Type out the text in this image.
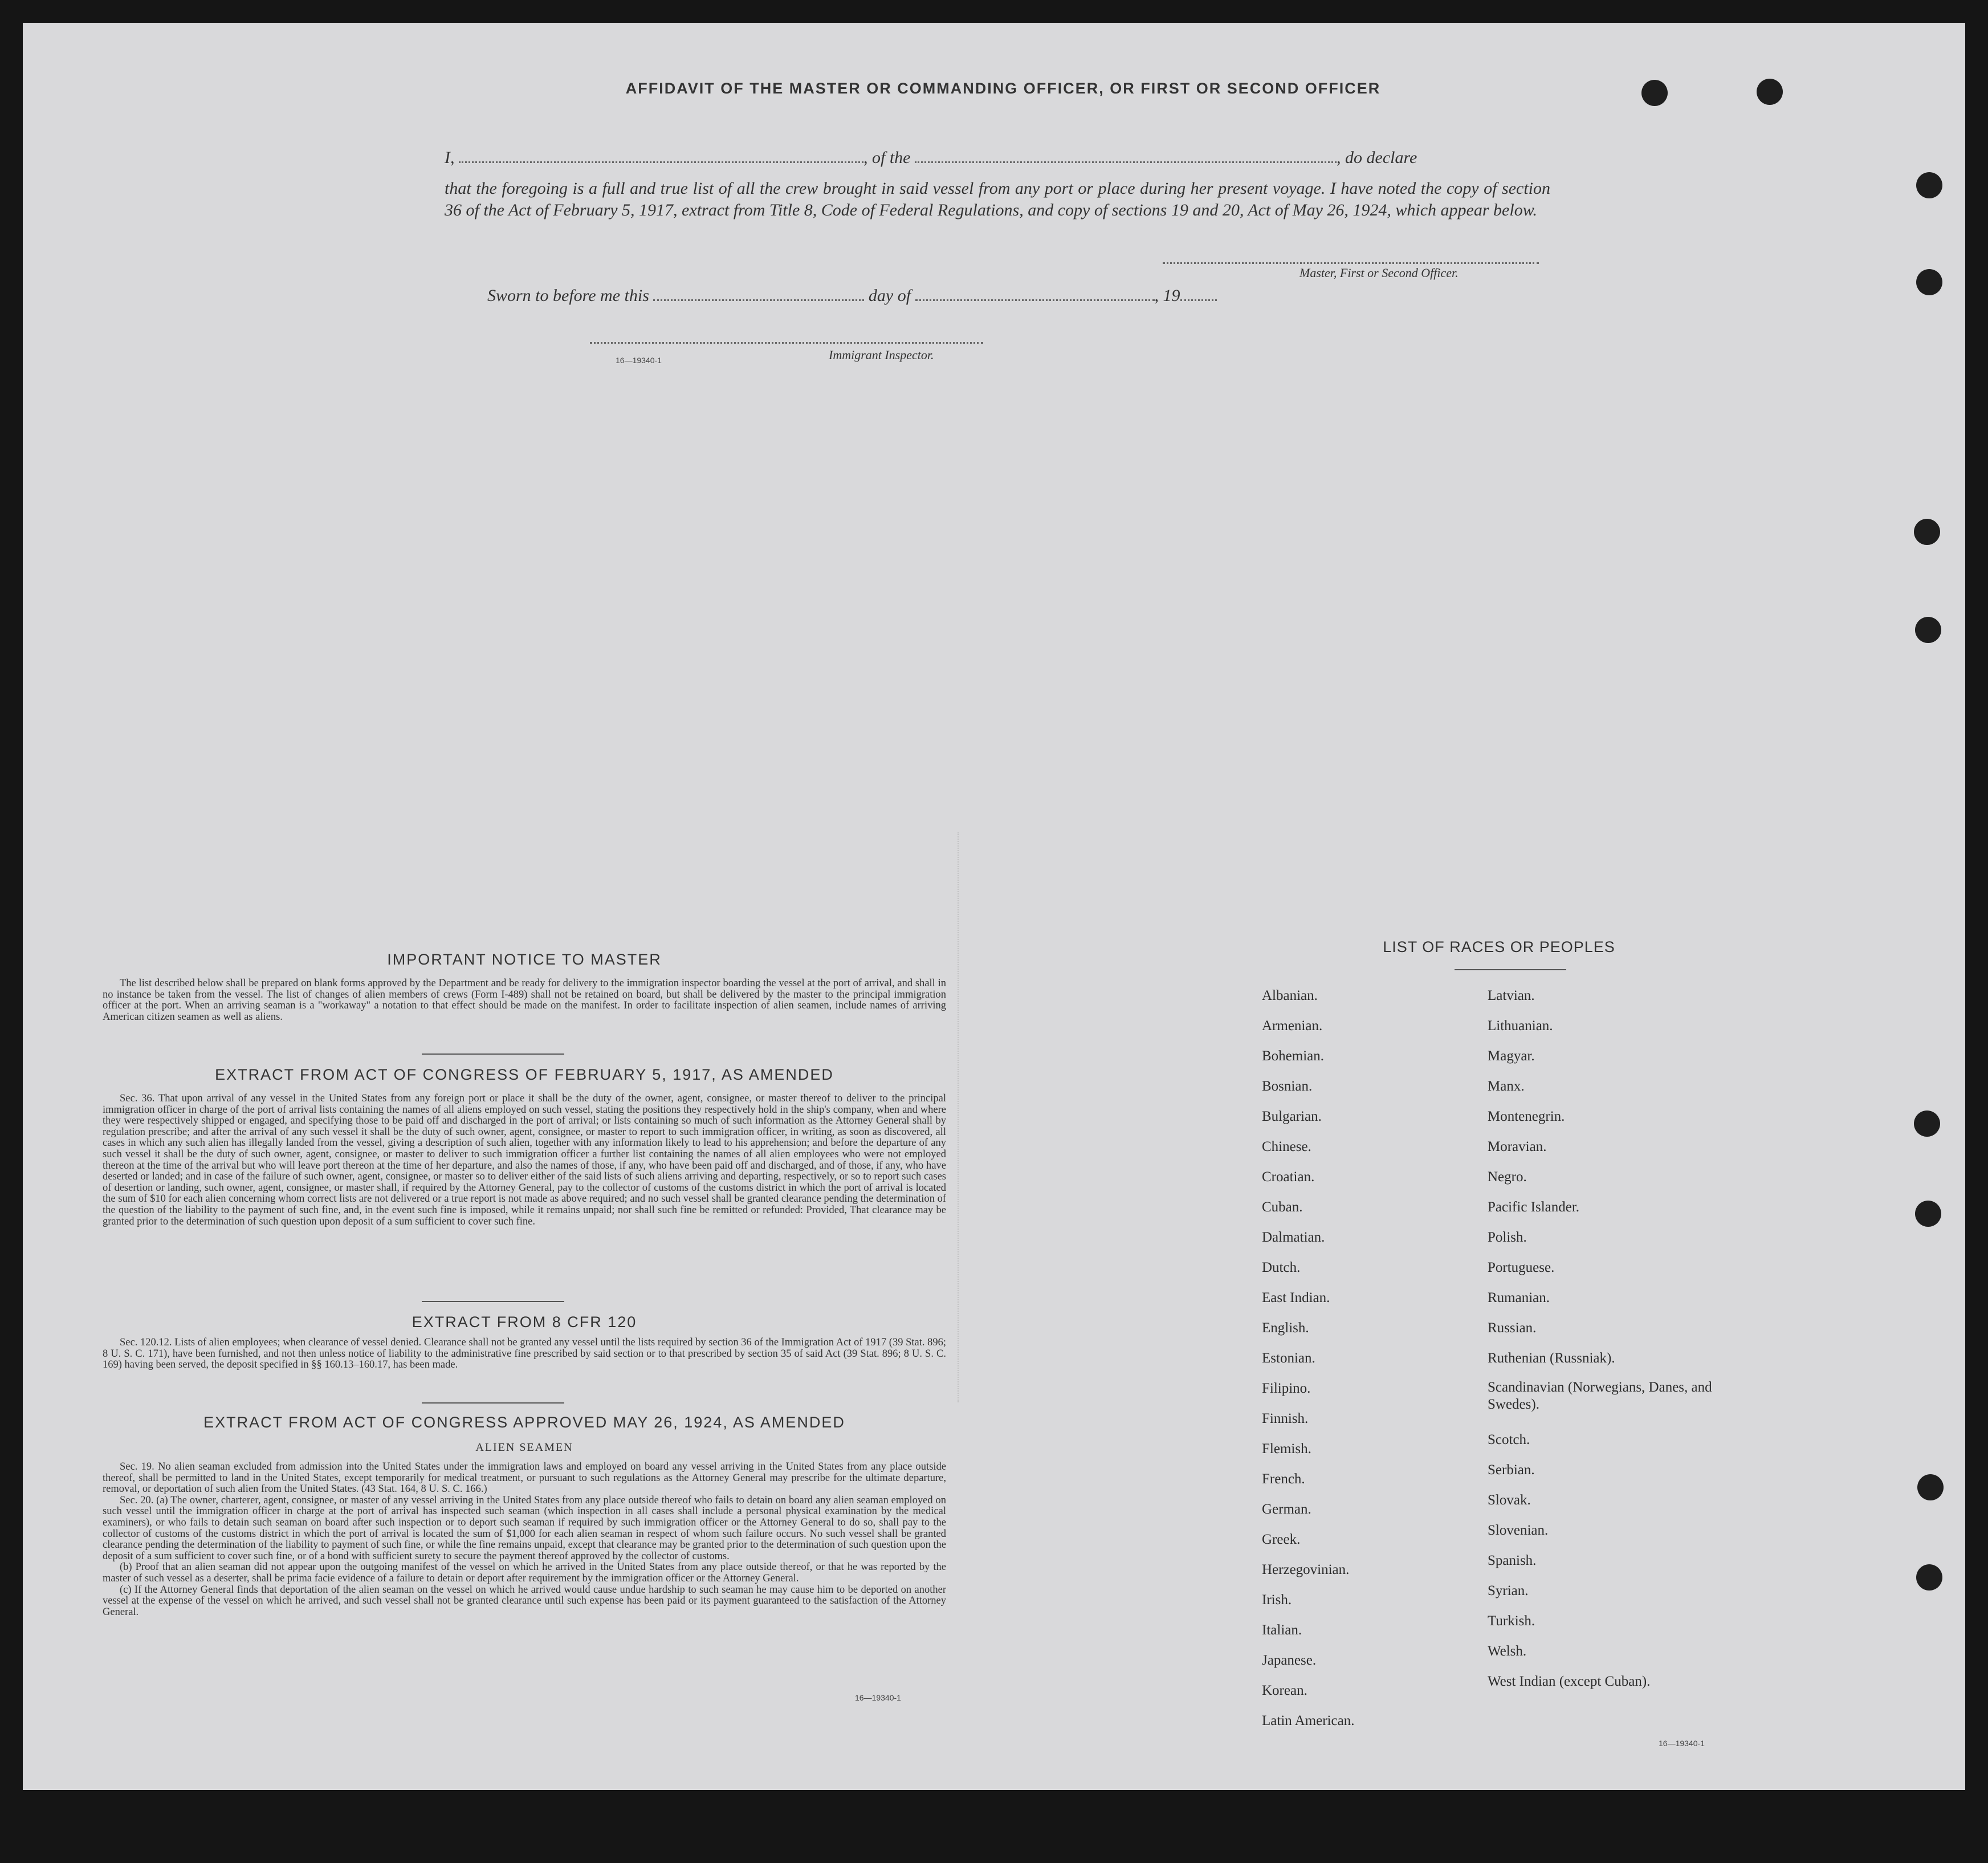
AFFIDAVIT OF THE MASTER OR COMMANDING OFFICER, OR FIRST OR SECOND OFFICER
I,	, of the	, do declare
that the foregoing is a full and true list of all the crew brought in said vessel from any port or place during her present voyage. I have noted the copy of section 36 of the Act of February 5, 1917, extract from Title 8, Code of Federal Regulations, and copy of sections 19 and 20, Act of May 26, 1924, which appear below.
Master, First or Second Officer.
Sworn to before me this	day of	, 19
16—19340-1	Immigrant Inspector.
IMPORTANT NOTICE TO MASTER

The list described below shall be prepared on blank forms approved by the Department and be ready for delivery to the immigration inspector boarding the vessel at the port of arrival, and shall in no instance be taken from the vessel. The list of changes of alien members of crews (Form I-489) shall not be retained on board, but shall be delivered by the master to the principal immigration officer at the port. When an arriving seaman is a "workaway" a notation to that effect should be made on the manifest. In order to facilitate inspection of alien seamen, include names of arriving American citizen seamen as well as aliens.

EXTRACT FROM ACT OF CONGRESS OF FEBRUARY 5, 1917, AS AMENDED

Sec. 36. That upon arrival of any vessel in the United States from any foreign port or place it shall be the duty of the owner, agent, consignee, or master thereof to deliver to the principal immigration officer in charge of the port of arrival lists containing the names of all aliens employed on such vessel, stating the positions they respectively hold in the ship's company, when and where they were respectively shipped or engaged, and specifying those to be paid off and discharged in the port of arrival; or lists containing so much of such information as the Attorney General shall by regulation prescribe; and after the arrival of any such vessel it shall be the duty of such owner, agent, consignee, or master to report to such immigration officer, in writing, as soon as discovered, all cases in which any such alien has illegally landed from the vessel, giving a description of such alien, together with any information likely to lead to his apprehension; and before the departure of any such vessel it shall be the duty of such owner, agent, consignee, or master to deliver to such immigration officer a further list containing the names of all alien employees who were not employed thereon at the time of the arrival but who will leave port thereon at the time of her departure, and also the names of those, if any, who have been paid off and discharged, and of those, if any, who have deserted or landed; and in case of the failure of such owner, agent, consignee, or master so to deliver either of the said lists of such aliens arriving and departing, respectively, or so to report such cases of desertion or landing, such owner, agent, consignee, or master shall, if required by the Attorney General, pay to the collector of customs of the customs district in which the port of arrival is located the sum of $10 for each alien concerning whom correct lists are not delivered or a true report is not made as above required; and no such vessel shall be granted clearance pending the determination of the question of the liability to the payment of such fine, and, in the event such fine is imposed, while it remains unpaid; nor shall such fine be remitted or refunded: Provided, That clearance may be granted prior to the determination of such question upon deposit of a sum sufficient to cover such fine.

EXTRACT FROM 8 CFR 120

Sec. 120.12. Lists of alien employees; when clearance of vessel denied. Clearance shall not be granted any vessel until the lists required by section 36 of the Immigration Act of 1917 (39 Stat. 896; 8 U. S. C. 171), have been furnished, and not then unless notice of liability to the administrative fine prescribed by said section or to that prescribed by section 35 of said Act (39 Stat. 896; 8 U. S. C. 169) having been served, the deposit specified in §§ 160.13–160.17, has been made.

EXTRACT FROM ACT OF CONGRESS APPROVED MAY 26, 1924, AS AMENDED
ALIEN SEAMEN

Sec. 19. No alien seaman excluded from admission into the United States under the immigration laws and employed on board any vessel arriving in the United States from any place outside thereof, shall be permitted to land in the United States, except temporarily for medical treatment, or pursuant to such regulations as the Attorney General may prescribe for the ultimate departure, removal, or deportation of such alien from the United States. (43 Stat. 164, 8 U. S. C. 166.)

Sec. 20. (a) The owner, charterer, agent, consignee, or master of any vessel arriving in the United States from any place outside thereof who fails to detain on board any alien seaman employed on such vessel until the immigration officer in charge at the port of arrival has inspected such seaman (which inspection in all cases shall include a personal physical examination by the medical examiners), or who fails to detain such seaman on board after such inspection or to deport such seaman if required by such immigration officer or the Attorney General to do so, shall pay to the collector of customs of the customs district in which the port of arrival is located the sum of $1,000 for each alien seaman in respect of whom such failure occurs. No such vessel shall be granted clearance pending the determination of the liability to payment of such fine, or while the fine remains unpaid, except that clearance may be granted prior to the determination of such question upon the deposit of a sum sufficient to cover such fine, or of a bond with sufficient surety to secure the payment thereof approved by the collector of customs.

(b) Proof that an alien seaman did not appear upon the outgoing manifest of the vessel on which he arrived in the United States from any place outside thereof, or that he was reported by the master of such vessel as a deserter, shall be prima facie evidence of a failure to detain or deport after requirement by the immigration officer or the Attorney General.

(c) If the Attorney General finds that deportation of the alien seaman on the vessel on which he arrived would cause undue hardship to such seaman he may cause him to be deported on another vessel at the expense of the vessel on which he arrived, and such vessel shall not be granted clearance until such expense has been paid or its payment guaranteed to the satisfaction of the Attorney General.

16—19340-1
LIST OF RACES OR PEOPLES
Albanian.
Armenian.
Bohemian.
Bosnian.
Bulgarian.
Chinese.
Croatian.
Cuban.
Dalmatian.
Dutch.
East Indian.
English.
Estonian.
Filipino.
Finnish.
Flemish.
French.
German.
Greek.
Herzegovinian.
Irish.
Italian.
Japanese.
Korean.
Latin American.
Latvian.
Lithuanian.
Magyar.
Manx.
Montenegrin.
Moravian.
Negro.
Pacific Islander.
Polish.
Portuguese.
Rumanian.
Russian.
Ruthenian (Russniak).
Scandinavian (Norwegians, Danes, and Swedes).
Scotch.
Serbian.
Slovak.
Slovenian.
Spanish.
Syrian.
Turkish.
Welsh.
West Indian (except Cuban).
16—19340-1
